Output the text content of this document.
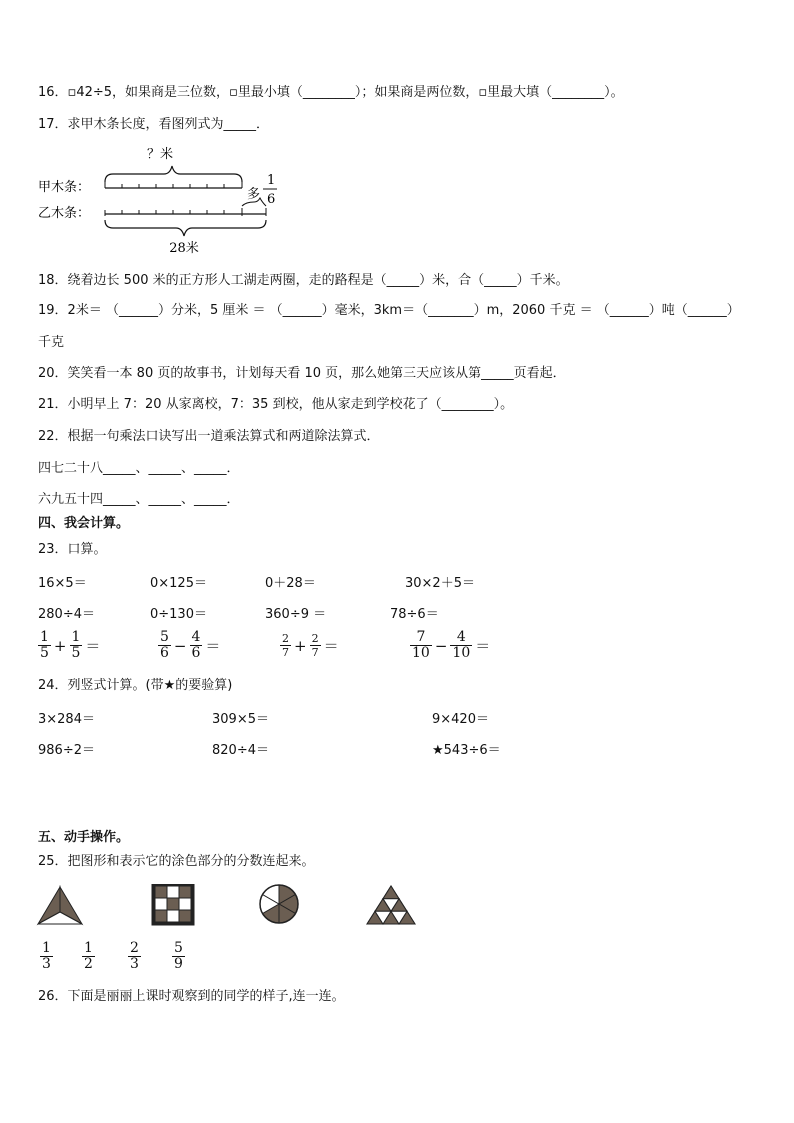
16．▫42÷5，如果商是三位数，▫里最小填（________）；如果商是两位数，▫里最大填（________）。
17．求甲木条长度，看图列式为_____．
？米
甲木条：
乙木条：
多
1
6
28米
18．绕着边长 500 米的正方形人工湖走两圈，走的路程是（_____）米，合（_____）千米。
19．2米＝ （______）分米，5 厘米 ＝ （______）毫米，3km＝（_______）m，2060 千克 ＝ （______）吨（______）
千克
20．笑笑看一本 80 页的故事书，计划每天看 10 页，那么她第三天应该从第_____页看起．
21．小明早上 7：20 从家离校，7：35 到校，他从家走到学校花了（________）。
22．根据一句乘法口诀写出一道乘法算式和两道除法算式．
四七二十八_____、_____、_____．
六九五十四_____、_____、_____．
四、我会计算。
23．口算。
16×5＝	0×125＝	0＋28＝	30×2＋5＝
280÷4＝	0÷130＝	360÷9 ＝	78÷6＝
$\frac{1}{5} + \frac{1}{5}$ ＝	$\frac{5}{6} - \frac{4}{6}$ ＝	$\frac{2}{7} + \frac{2}{7}$ ＝	$\frac{7}{10} - \frac{4}{10}$ ＝
24．列竖式计算。(带★的要验算)
3×284＝	309×5＝	9×420＝
986÷2＝	820÷4＝	★543÷6＝
五、动手操作。
25．把图形和表示它的涂色部分的分数连起来。
$\frac{1}{3} \frac{1}{2} \frac{2}{3} \frac{5}{9}$
26．下面是丽丽上课时观察到的同学的样子,连一连。
